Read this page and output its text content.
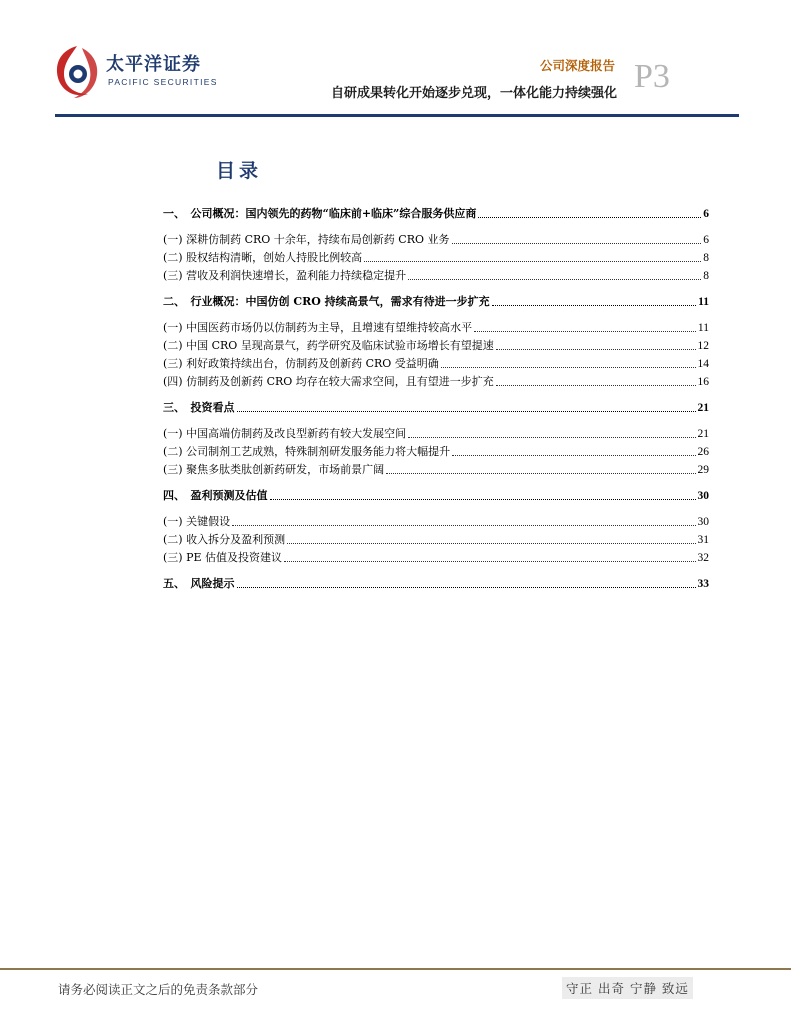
太平洋证券
PACIFIC SECURITIES
公司深度报告 P3
自研成果转化开始逐步兑现，一体化能力持续强化
目录
一、　公司概况：国内领先的药物“临床前+临床”综合服务供应商	6
(一) 深耕仿制药 CRO 十余年，持续布局创新药 CRO 业务	6
(二) 股权结构清晰，创始人持股比例较高	8
(三) 营收及利润快速增长，盈利能力持续稳定提升	8
二、　行业概况：中国仿创 CRO 持续高景气，需求有待进一步扩充	11
(一) 中国医药市场仍以仿制药为主导，且增速有望维持较高水平	11
(二) 中国 CRO 呈现高景气，药学研究及临床试验市场增长有望提速	12
(三) 利好政策持续出台，仿制药及创新药 CRO 受益明确	14
(四) 仿制药及创新药 CRO 均存在较大需求空间，且有望进一步扩充	16
三、　投资看点	21
(一) 中国高端仿制药及改良型新药有较大发展空间	21
(二) 公司制剂工艺成熟，特殊制剂研发服务能力将大幅提升	26
(三) 聚焦多肽类肽创新药研发，市场前景广阔	29
四、　盈利预测及估值	30
(一) 关键假设	30
(二) 收入拆分及盈利预测	31
(三) PE 估值及投资建议	32
五、　风险提示	33
请务必阅读正文之后的免责条款部分	守正 出奇 宁静 致远
